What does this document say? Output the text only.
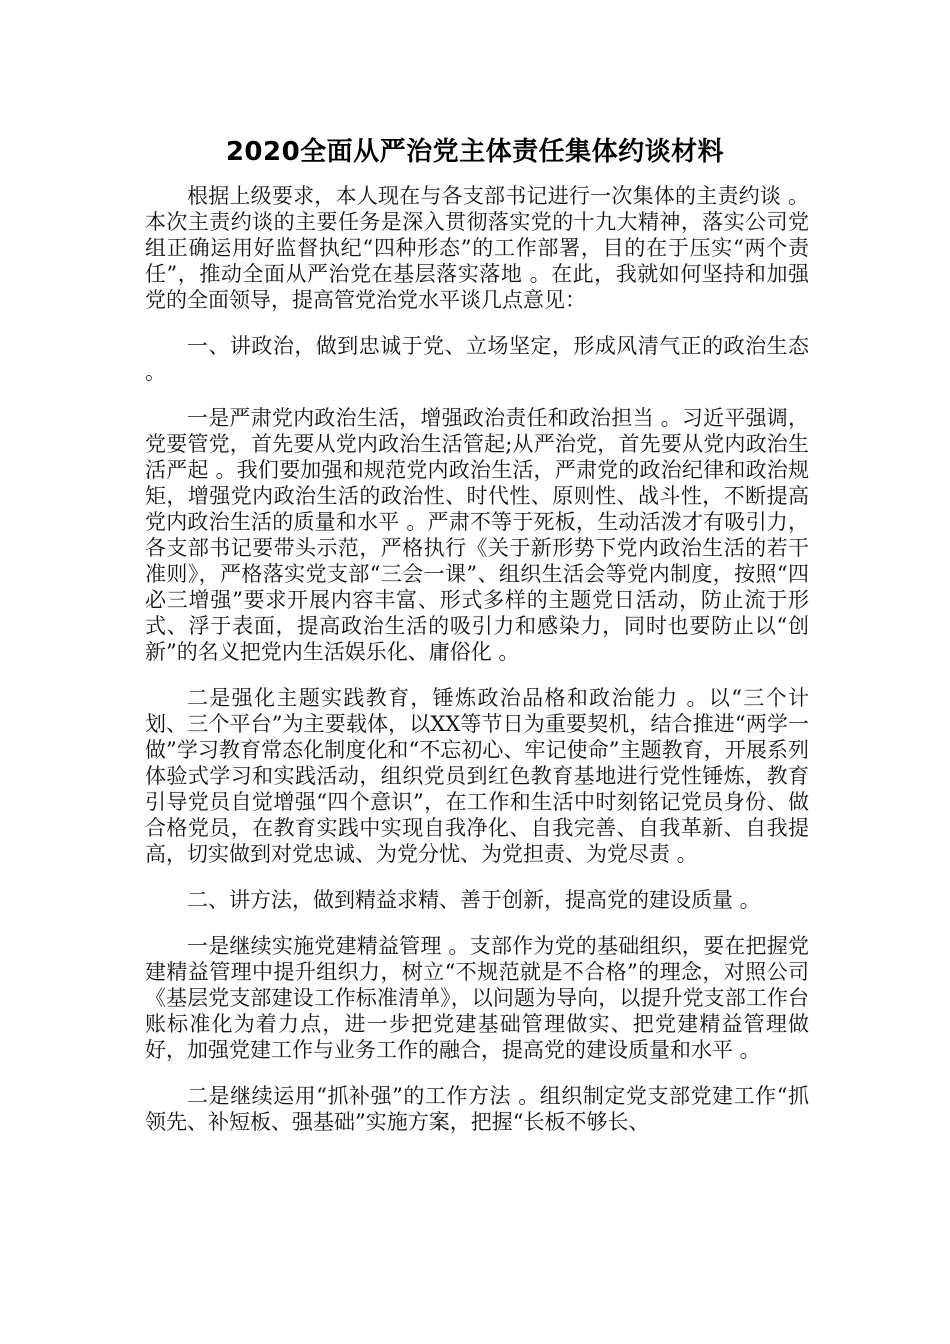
2020全面从严治党主体责任集体约谈材料

根据上级要求，本人现在与各支部书记进行一次集体的主责约谈 。本次主责约谈的主要任务是深入贯彻落实党的十九大精神，落实公司党组正确运用好监督执纪“四种形态”的工作部署，目的在于压实“两个责任”，推动全面从严治党在基层落实落地 。在此，我就如何坚持和加强党的全面领导，提高管党治党水平谈几点意见：

一、讲政治，做到忠诚于党、立场坚定，形成风清气正的政治生态 。

一是严肃党内政治生活，增强政治责任和政治担当 。习近平强调，党要管党，首先要从党内政治生活管起;从严治党，首先要从党内政治生活严起 。我们要加强和规范党内政治生活，严肃党的政治纪律和政治规矩，增强党内政治生活的政治性、时代性、原则性、战斗性，不断提高党内政治生活的质量和水平 。严肃不等于死板，生动活泼才有吸引力，各支部书记要带头示范，严格执行《关于新形势下党内政治生活的若干准则》，严格落实党支部“三会一课”、组织生活会等党内制度，按照“四必三增强”要求开展内容丰富、形式多样的主题党日活动，防止流于形式、浮于表面，提高政治生活的吸引力和感染力，同时也要防止以“创新”的名义把党内生活娱乐化、庸俗化 。

二是强化主题实践教育，锤炼政治品格和政治能力 。以“三个计划、三个平台”为主要载体，以XX等节日为重要契机，结合推进“两学一做”学习教育常态化制度化和“不忘初心、牢记使命”主题教育，开展系列体验式学习和实践活动，组织党员到红色教育基地进行党性锤炼，教育引导党员自觉增强“四个意识”，在工作和生活中时刻铭记党员身份、做合格党员，在教育实践中实现自我净化、自我完善、自我革新、自我提高，切实做到对党忠诚、为党分忧、为党担责、为党尽责 。

二、讲方法，做到精益求精、善于创新，提高党的建设质量 。

一是继续实施党建精益管理 。支部作为党的基础组织，要在把握党建精益管理中提升组织力，树立“不规范就是不合格”的理念，对照公司《基层党支部建设工作标准清单》，以问题为导向，以提升党支部工作台账标准化为着力点，进一步把党建基础管理做实、把党建精益管理做好，加强党建工作与业务工作的融合，提高党的建设质量和水平 。

二是继续运用“抓补强”的工作方法 。组织制定党支部党建工作“抓领先、补短板、强基础”实施方案，把握“长板不够长、
